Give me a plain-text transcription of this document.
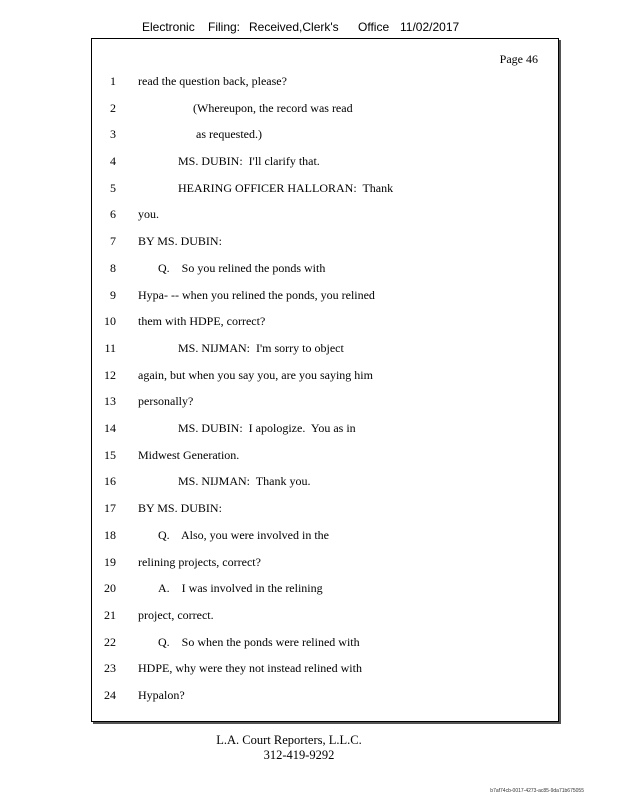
Electronic Filing: Received,Clerk's Office 11/02/2017
Page 46
1 read the question back, please?
2	(Whereupon, the record was read
3	as requested.)
4	MS. DUBIN:  I'll clarify that.
5	HEARING OFFICER HALLORAN:  Thank
6 you.
7 BY MS. DUBIN:
8	Q.    So you relined the ponds with
9 Hypa- -- when you relined the ponds, you relined
10 them with HDPE, correct?
11	MS. NIJMAN:  I'm sorry to object
12 again, but when you say you, are you saying him
13 personally?
14	MS. DUBIN:  I apologize.  You as in
15 Midwest Generation.
16	MS. NIJMAN:  Thank you.
17 BY MS. DUBIN:
18	Q.    Also, you were involved in the
19 relining projects, correct?
20	A.    I was involved in the relining
21 project, correct.
22	Q.    So when the ponds were relined with
23 HDPE, why were they not instead relined with
24 Hypalon?
L.A. Court Reporters, L.L.C.
312-419-9292
b7af74cb-0017-4273-ac85-9da71b675055
